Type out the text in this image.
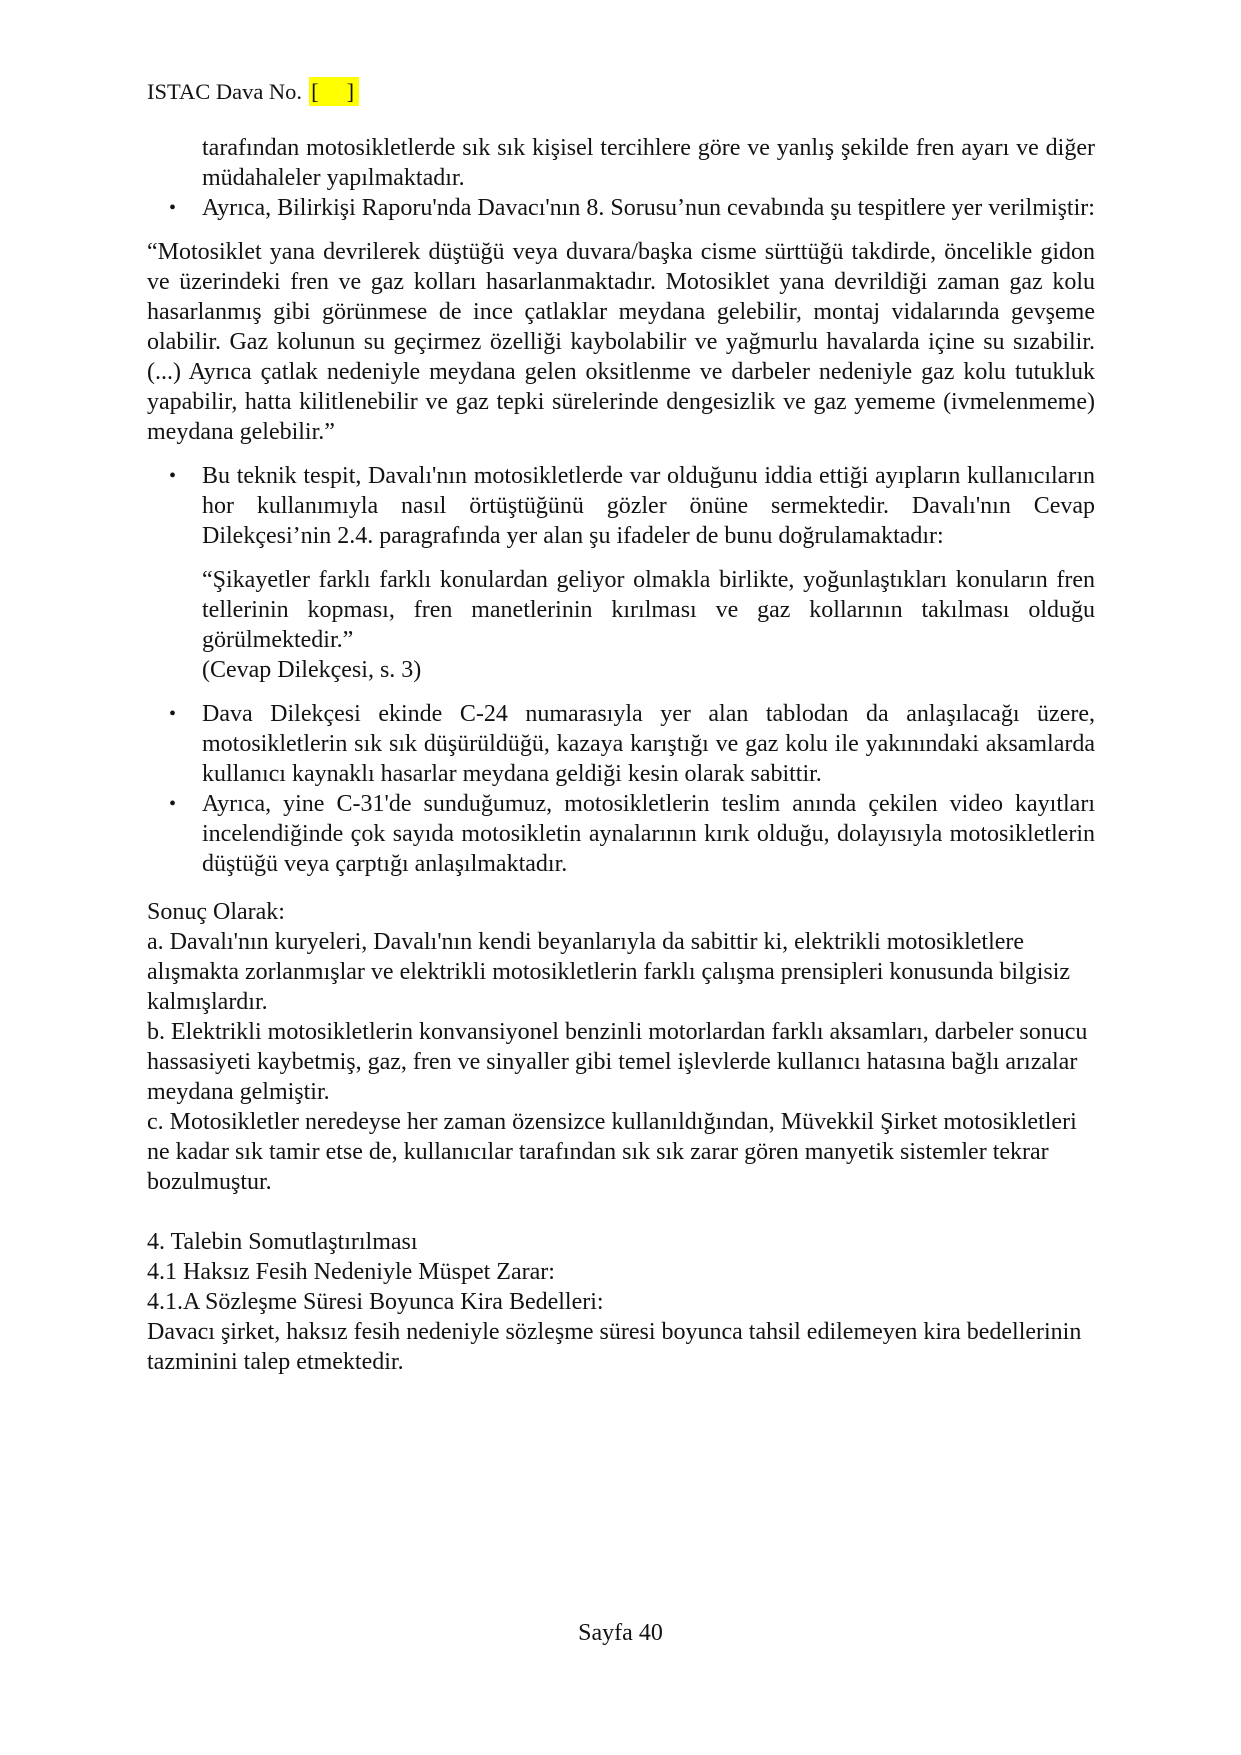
ISTAC Dava No. [     ]

tarafından motosikletlerde sık sık kişisel tercihlere göre ve yanlış şekilde fren ayarı ve diğer müdahaleler yapılmaktadır.

• Ayrıca, Bilirkişi Raporu'nda Davacı'nın 8. Sorusu’nun cevabında şu tespitlere yer verilmiştir:

“Motosiklet yana devrilerek düştüğü veya duvara/başka cisme sürttüğü takdirde, öncelikle gidon ve üzerindeki fren ve gaz kolları hasarlanmaktadır. Motosiklet yana devrildiği zaman gaz kolu hasarlanmış gibi görünmese de ince çatlaklar meydana gelebilir, montaj vidalarında gevşeme olabilir. Gaz kolunun su geçirmez özelliği kaybolabilir ve yağmurlu havalarda içine su sızabilir. (...) Ayrıca çatlak nedeniyle meydana gelen oksitlenme ve darbeler nedeniyle gaz kolu tutukluk yapabilir, hatta kilitlenebilir ve gaz tepki sürelerinde dengesizlik ve gaz yememe (ivmelenmeme) meydana gelebilir.”

• Bu teknik tespit, Davalı'nın motosikletlerde var olduğunu iddia ettiği ayıpların kullanıcıların hor kullanımıyla nasıl örtüştüğünü gözler önüne sermektedir. Davalı'nın Cevap Dilekçesi’nin 2.4. paragrafında yer alan şu ifadeler de bunu doğrulamaktadır:

“Şikayetler farklı farklı konulardan geliyor olmakla birlikte, yoğunlaştıkları konuların fren tellerinin kopması, fren manetlerinin kırılması ve gaz kollarının takılması olduğu görülmektedir.”

(Cevap Dilekçesi, s. 3)

• Dava Dilekçesi ekinde C-24 numarasıyla yer alan tablodan da anlaşılacağı üzere, motosikletlerin sık sık düşürüldüğü, kazaya karıştığı ve gaz kolu ile yakınındaki aksamlarda kullanıcı kaynaklı hasarlar meydana geldiği kesin olarak sabittir.
• Ayrıca, yine C-31'de sunduğumuz, motosikletlerin teslim anında çekilen video kayıtları incelendiğinde çok sayıda motosikletin aynalarının kırık olduğu, dolayısıyla motosikletlerin düştüğü veya çarptığı anlaşılmaktadır.

Sonuç Olarak:

a. Davalı'nın kuryeleri, Davalı'nın kendi beyanlarıyla da sabittir ki, elektrikli motosikletlere alışmakta zorlanmışlar ve elektrikli motosikletlerin farklı çalışma prensipleri konusunda bilgisiz kalmışlardır.

b. Elektrikli motosikletlerin konvansiyonel benzinli motorlardan farklı aksamları, darbeler sonucu hassasiyeti kaybetmiş, gaz, fren ve sinyaller gibi temel işlevlerde kullanıcı hatasına bağlı arızalar meydana gelmiştir.

c. Motosikletler neredeyse her zaman özensizce kullanıldığından, Müvekkil Şirket motosikletleri ne kadar sık tamir etse de, kullanıcılar tarafından sık sık zarar gören manyetik sistemler tekrar bozulmuştur.

4. Talebin Somutlaştırılması

4.1 Haksız Fesih Nedeniyle Müspet Zarar:

4.1.A Sözleşme Süresi Boyunca Kira Bedelleri:

Davacı şirket, haksız fesih nedeniyle sözleşme süresi boyunca tahsil edilemeyen kira bedellerinin tazminini talep etmektedir.

Sayfa 40
